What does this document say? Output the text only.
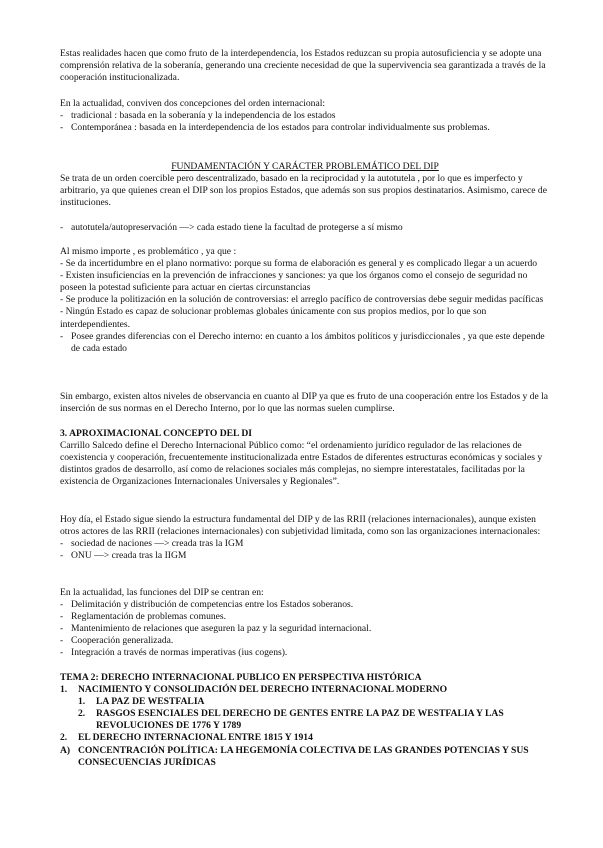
Estas realidades hacen que como fruto de la interdependencia, los Estados reduzcan su propia autosuficiencia y se adopte una comprensión relativa de la soberanía, generando una creciente necesidad de que la supervivencia sea garantizada a través de la cooperación institucionalizada.

En la actualidad, conviven dos concepciones del orden internacional:

- tradicional : basada en la soberanía y la independencia de los estados
- Contemporánea : basada en la interdependencia de los estados para controlar individualmente sus problemas.

FUNDAMENTACIÓN Y CARÁCTER PROBLEMÁTICO DEL DIP

Se trata de un orden coercible pero descentralizado, basado en la reciprocidad y la autotutela , por lo que es imperfecto y arbitrario, ya que quienes crean el DIP son los propios Estados, que además son sus propios destinatarios. Asimismo, carece de instituciones.

- autotutela/autopreservación —> cada estado tiene la facultad de protegerse a sí mismo

Al mismo importe , es problemático , ya que :

- Se da incertidumbre en el plano normativo: porque su forma de elaboración es general y es complicado llegar a un acuerdo

- Existen insuficiencias en la prevención de infracciones y sanciones: ya que los órganos como el consejo de seguridad no poseen la potestad suficiente para actuar en ciertas circunstancias

- Se produce la politización en la solución de controversias: el arreglo pacífico de controversias debe seguir medidas pacíficas

- Ningún Estado es capaz de solucionar problemas globales únicamente con sus propios medios, por lo que son interdependientes.

- Posee grandes diferencias con el Derecho interno: en cuanto a los ámbitos políticos y jurisdiccionales , ya que este depende de cada estado

Sin embargo, existen altos niveles de observancia en cuanto al DIP ya que es fruto de una cooperación entre los Estados y de la inserción de sus normas en el Derecho Interno, por lo que las normas suelen cumplirse.

3. APROXIMACIONAL CONCEPTO DEL DI

Carrillo Salcedo define el Derecho Internacional Público como: “el ordenamiento jurídico regulador de las relaciones de coexistencia y cooperación, frecuentemente institucionalizada entre Estados de diferentes estructuras económicas y sociales y distintos grados de desarrollo, así como de relaciones sociales más complejas, no siempre interestatales, facilitadas por la existencia de Organizaciones Internacionales Universales y Regionales”.

Hoy día, el Estado sigue siendo la estructura fundamental del DIP y de las RRII (relaciones internacionales), aunque existen otros actores de las RRII (relaciones internacionales) con subjetividad limitada, como son las organizaciones internacionales:

- sociedad de naciones —> creada tras la IGM
- ONU —> creada tras la IIGM

En la actualidad, las funciones del DIP se centran en:

- Delimitación y distribución de competencias entre los Estados soberanos.
- Reglamentación de problemas comunes.
- Mantenimiento de relaciones que aseguren la paz y la seguridad internacional.
- Cooperación generalizada.
- Integración a través de normas imperativas (ius cogens).

TEMA 2: DERECHO INTERNACIONAL PUBLICO EN PERSPECTIVA HISTÓRICA

1. NACIMIENTO Y CONSOLIDACIÓN DEL DERECHO INTERNACIONAL MODERNO
1. LA PAZ DE WESTFALIA
2. RASGOS ESENCIALES DEL DERECHO DE GENTES ENTRE LA PAZ DE WESTFALIA Y LAS REVOLUCIONES DE 1776 Y 1789
2. EL DERECHO INTERNACIONAL ENTRE 1815 Y 1914
A) CONCENTRACIÓN POLÍTICA: LA HEGEMONÍA COLECTIVA DE LAS GRANDES POTENCIAS Y SUS CONSECUENCIAS JURÍDICAS
